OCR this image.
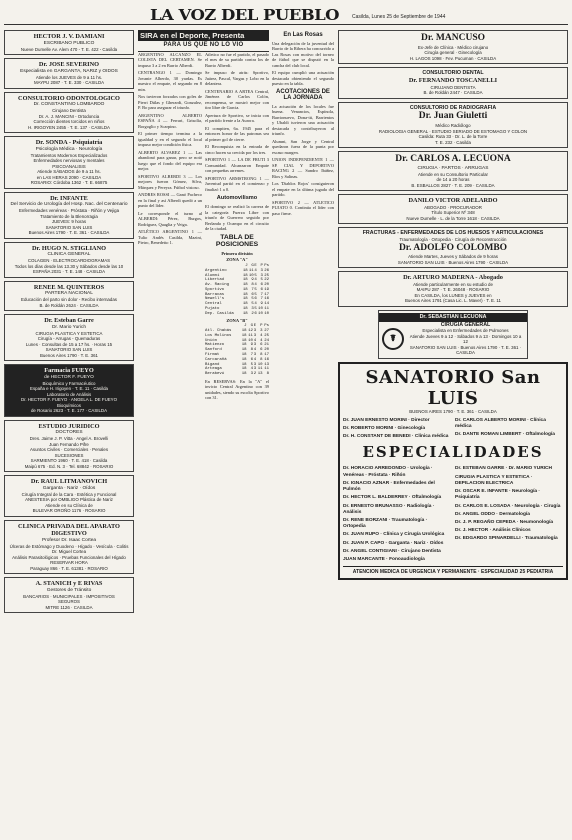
LA VOZ DEL PUEBLO	Casilda, Lunes 25 de Septiembre de 1944
HECTOR J. V. DAMIANI
ESCRIBANO PUBLICO
Nueve Dumelle Av. Alem 470 - T. E. 422 - Casilda
Dr. JOSE SEVERINO
Especialista en GARGANTA, NARIZ y OIDOS
Atiende los JUEVES de 9 a 11 hs.
MAYPU 2087 · T. E. 330 · CASILDA
CONSULTORIO ODONTOLOGICO
Dr. CONSTANTINO LOMBARDO
Cirujano Dentista
Dr. A. J. MANCINI - Ortodoncia
Corrección dientes torcidos en niños
H. IRIGOYEN 2455 · T. E. 137 · CASILDA
Dr. SONDA - Psiquiatría
Psicología Médica · Neurología
Tratamientos Modernos Especializados
Enfermedades nerviosas y mentales
PSICOANALISIS
Atiende SÁBADOS de 9 a 11 hs.
en LAS HERAS 2090 · CASILDA
ROSARIO: Córdoba 1362 · T. E. 66875
Dr. INFANTE
Del Servicio de Urología del Hosp. Nac. del Centenario
Enfermedades venéreas · Próstata · Riñón y Vejiga
Tratamiento de la Blenorragia
JUEVES: 9 horas
SANATORIO SAN LUIS
Buenos Aires 1790 · T. E. 361 · CASILDA
Dr. HUGO N. STIGLIANO
CLINICA GENERAL
COLAGEN · ELECTROCARDIOGRAMAS
Todos los días desde las 13.30 y Sábados desde las 10
ESPAÑA 2031 · T. E. 148 · CASILDA
RENEE M. QUINTEROS
PARTERA NACIONAL
Educación del parto sin dolor - Recibo internadas
B. de Roldán 2624 · CASILDA
Dr. Esteban Garre
Dr. Mario Yurich
CIRUGIA PLASTICA Y ESTETICA
Cirugía - Arrugas - Quemaduras
Lunes · Consultas de 15 a 17 hs. · Horas 15
SANATORIO SAN LUIS
Buenos Aires 1790 · T. E. 361
Farmacia FUEYO
de HECTOR F. FUEYO
Bioquímico y Farmacéutico
España e H. Irigoyen · T. E. 11 · Casilda
Laboratorio de Análisis
Dr. HECTOR F. FUEYO · ANGELA L. DE FUEYO
Bioquímicos
de Rosario 2623 · T. E. 177 · CASILDA
ESTUDIO JURIDICO
DOCTORES
Dres. Jaime J. P. Vitta · Angel A. Brovelli
Juan Fernando Pifre
Asuntos Civiles · Comerciales · Penales
SUCESIONES
SARMIENTO 1960 · T. E. 418 · Casilda
Maipú 675 · Ed. N. 3 · Tel. 68842 · ROSARIO
Dr. RAUL LITMANOVICH
Garganta · Nariz · Oídos
Cirugía Integral de la Cara · Estética y Funcional
ANESTESIA por OMBLIGO Plástica de Nariz
Atiende en su Clínica de
BULEVAR OROÑO 1176 · ROSARIO
CLINICA PRIVADA DEL APARATO DIGESTIVO
Profesor Dr. Isaac Cortea
Úlceras de Estómago y Duodeno · Hígado · Vesícula · Colitis
Dr. Miguel Cortea
Análisis Parasitológicos · Pruebas Funcionales del Hígado
RESERVAR HORA
Paraguay 866 · T. E. 61381 · ROSARIO
A. STANICH y E RIVAS
Gestores de Tránsito
BANCARIOS · MUNICIPALES · IMPOSITIVOS
SEGUROS
MITRE 1126 · CASILDA
SIRA en el Deporte, Presenta
PARA US QUE NO LO VIO
ARGENTINO ALCANZO EL COLISTA DEL CERTAMEN. Se impuso 3 a 2 en Barrio Alberdi.
CENTRANGO 1 — Domingo Jovanie Alberdo, 30 yardas. Es nuestro el empate, el segundo en 8 min.
Nos tuvieron forzados con goles de Pierri Dúlas y Gherardi, Gonzalez, P. Bo para asegurar el triunfo.
ARGENTINO ALBERTO ESPAÑA 4 — Ferrari, Grisolía, Borgoglio y Scarpino.
El primer tiempo termina a la igualdad y en el segundo el local impuso mejor condición física.
ALBERTO ALVAREZ 1 — Las abandonó para ganar, pero se notó luego que el fondo del equipo era mejor.
SPORTIVO ALBERDI 3 — Los mejores fueron Gómez, Silva, Márquez y Pereyra. Fútbol vistoso.
ANDRES ROSSI — Ganó Pacheco en la final y así Alberdi quedó a un punto del líder.
Le corresponde el turno al ALBERDI: Pérez, Burgos, Rodríguez, Quaglia y Veiga.
ATLÉTICO ARGENTINO 1 — Tulio Andés Casilda, Mazini, Pietro, Benedetto 1.
Atletico no fue el partido, el pasado el mes de su partido contra los de Barrio Alberdi.
Se impuso de atrás: Sportivo, Juárez, Pascal, Vargas y Lobo en la delantera.
CENTENARIO A ARTEA Central, Jiménez de Carlos Colón, recompensa, se mostró mejor con tiro libre de Garcia.
Apertura de Sportivo, se inicia con el partido frente a la Aurora.
El compiten, 6a. 1945 para el entonces honor de las patronas sea al primer gol de cierre.
El Reconquista en la entrada de cinco hacen su crecida por los tres.
SPORTIVO 1 — LA DE FRUTI 3 Comunidad. Alcanzaron Empate con pequeñas arremes.
SPORTIVO ARMSTRONG 1 — Juventud partió en el comienzo y finalizó 1 a 0.
Automovilismo
El domingo se realizó la carrera de la categoría Fuerza Libre con triunfo de Guerrero seguido por Berlanda y Ocampo en el circuito de la ciudad.
TABLA DE POSICIONES
Primera división
ZONA "A"
	J	G	E	P	Ps
Argentino	18	11	4	3	26
Alumni	18	10	5	3	25
Libertad	18	9	4	5	22
Av. Racing	18	8	4	6	20
Sportivo	18	7	5	6	19
Barracas	18	6	5	7	17
Newell's	18	5	6	7	16
Central	18	5	4	9	14
Pujato	18	3	5	10	11
Dep. Casilda	18	2	6	10	10
ZONA "B"
	J	G	E	P	Ps
Atl. Chabás	18	12	3	3	27
Los Molinos	18	11	3	4	25
Unión	18	10	4	4	24
Matienzo	18	9	3	6	21
Sanford	18	8	4	6	20
Firmat	18	7	3	8	17
Carcarañá	18	6	4	8	16
Bigand	18	5	3	10	13
Arteaga	18	4	3	11	11
Berabevú	18	3	2	13	8
En RESERVAS: En la "A" el invicto Central Argentino con 39 unidades, siendo su escolta Sportivo con 31.
En Las Rosas
Una delegación de la juventud del Barrio de la Ribera ha concurrido a Las Rosas con motivo del torneo de fútbol que se disputó en la cancha del club local.
El equipo cumplió una actuación destacada obteniendo el segundo puesto en la tabla.
ACOTACIONES DE LA JORNADA
La actuación de los locales fue buena. Venancios, Espínola, Barrionuevo, Dona-tti, Barrientos y Ubaldi tuvieron una actuación destacada y contribuyeron al triunfo.
Alumni, San Jorge y Central quedaron fuera de la punta por escaso margen.
UNION INDEPENDIENTE 1 — SP. CIAL Y DEPORTIVO RACING 2 — Sandro Ibáñez, Ríos y Salinas.
Los 'Diablos Rojos' consiguieron el empate en la última jugada del partido.
SPORTIVO 2 — ATLETICO PUJATO 0. Continúa el líder con paso firme.
Dr. MANCUSO
Ex-Jefe de Clínica · Médico cirujano
Cirugía general · Ginecología
H. LAGOS 1098 · Fev. Pucuman · CASILDA
CONSULTORIO DENTAL
Dr. FERNANDO TOSCANELLI
CIRUJANO DENTISTA
B. de Roldán 2447 · CASILDA
CONSULTORIO DE RADIOGRAFIA
Dr. Juan Giuletti
Médico Radiólogo
RADIOLOGIA GENERAL · ESTUDIO SERIADO DE ESTOMAGO Y COLON
Casilda: Ruta 33 · Dr. L. de la Torre
T. E. 232 · Casilda
Dr. CARLOS A. LECUONA
CIRUGIA · PARTOS · ARRUGAS
Atiende en su Consultorio Particular
de 14 a 20 horas
B. ESBALLOS 2827 · T. E. 209 · CASILDA
DANILO VICTOR ADELARDO
ABOGADO · PROCURADOR
Título Superior Nº 348
Nueve Dumelle · L. de la Torre 1618 · CASILDA
FRACTURAS - ENFERMEDADES DE LOS HUESOS Y ARTICULACIONES
Traumatología · Ortopedia · Cirugía de Reconstrucción
Dr. ADOLFO COLOMBO
Atiende Martes, Jueves y Sábados de 9 horas
SANATORIO SAN LUIS · Buenos Aires 1790 · CASILDA
Dr. ARTURO MADERNA - Abogado
Atiende particularmente en su estudio de
MAIPU 287 · T. E. 26048 · ROSARIO
En CASILDA, los LUNES y JUEVES en
Buenos Aires 1791 (Casa Lic. L. Maver) · T. E. 11
Dr. SEBASTIAN LECUONA
☤
CIRUGIA GENERAL
Especialista en Enfermedades de Pulmones
Atiende Jueves 9 a 12 · Sábados 9 a 13 · Domingos 10 a 12
SANATORIO SAN LUIS · Buenos Aires 1790 · T. E. 361 · CASILDA
SANATORIO San LUIS
BUENOS AIRES 1790 · T. E. 361 · CASILDA
Dr. JUAN ERNESTO MORINI · Director
Dr. ROBERTO MORINI · Ginecología
Dr. H. CONSTANT DE BENEDI · Clínica médica
Dr. CARLOS ALBERTO MORINI · Clínica médica
Dr. DANTE ROMAN LIMBERT · Oftalmología
ESPECIALIDADES
Dr. HORACIO ARREDONDO · Urología · Venéreas · Próstata · Riñón
Dr. IGNACIO AZNAR · Enfermedades del Pulmón
Dr. HECTOR L. BALDERREY · Oftalmología
Dr. ERNESTO BRUNASSO · Radiología · Análisis
Dr. RENE BORZANI · Traumatología · Ortopedia
Dr. JUAN RUPO · Clínica y Cirugía Urológica
Dr. JUAN P. CAPO · Garganta · Nariz · Oídos
Dr. ANGEL CONTIGIANI · Cirujano Dentista
JUAN MARCANTE · Fonoaudiología
Dr. ESTEBAN GARRE · Dr. MARIO YURICH
CIRUGIA PLASTICA Y ESTETICA · DEPILACION ELECTRICA
Dr. OSCAR E. INFANTE · Neurología · Psiquiatría
Dr. CARLOS E. LOSADA · Neurología · Cirugía
Dr. ANGEL ODDO · Dermatología
Dr. J. P. REGAÑO CEPEDA · Neumonología
Dr. J. HECTOR · Análisis Clínicos
Dr. EDGARDO SPINARDELLI · Traumatología
ATENCION MEDICA DE URGENCIA Y PERMANENTE · ESPECIALIDAD 25 PEDIATRIA
